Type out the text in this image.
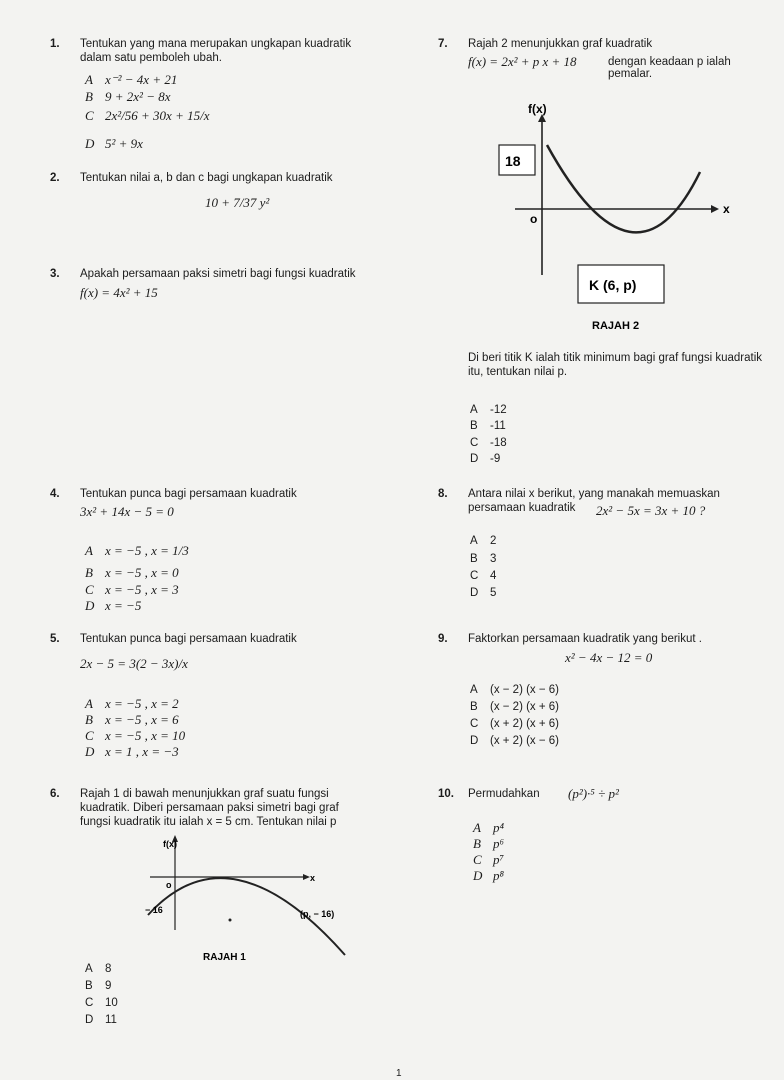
1. Tentukan yang mana merupakan ungkapan kuadratik dalam satu pemboleh ubah.
A x⁻² − 4x + 21
B 9 + 2x² − 8x
C 2x²/56 + 30x + 15/x
D 5² + 9x
2. Tentukan nilai a, b dan c bagi ungkapan kuadratik
10 + 7/37 y²
3. Apakah persamaan paksi simetri bagi fungsi kuadratik
f(x) = 4x² + 15
4. Tentukan punca bagi persamaan kuadratik
3x² + 14x − 5 = 0
A x = −5 , x = 1/3
B x = −5 , x = 0
C x = −5 , x = 3
D x = −5
5. Tentukan punca bagi persamaan kuadratik
2x − 5 = 3(2 − 3x)/x
A x = −5 , x = 2
B x = −5 , x = 6
C x = −5 , x = 10
D x = 1 , x = −3
6. Rajah 1 di bawah menunjukkan graf suatu fungsi kuadratik. Diberi persamaan paksi simetri bagi graf fungsi kuadratik itu ialah x = 5 cm. Tentukan nilai p
f(x)
o
x
− 16	(p, − 16)
RAJAH 1
A 8
B 9
C 10
D 11
7. Rajah 2 menunjukkan graf kuadratik
f(x) = 2x² + p x + 18	dengan keadaan p ialah pemalar.
f(x)
18
o
x
K (6, p)
RAJAH 2
Di beri titik K ialah titik minimum bagi graf fungsi kuadratik itu, tentukan nilai p.
A -12
B -11
C -18
D -9
8. Antara nilai x berikut, yang manakah memuaskan persamaan kuadratik	2x² − 5x = 3x + 10 ?
A 2
B 3
C 4
D 5
9. Faktorkan persamaan kuadratik yang berikut .
x² − 4x − 12 = 0
A (x − 2) (x − 6)
B (x − 2) (x + 6)
C (x + 2) (x + 6)
D (x + 2) (x − 6)
10. Permudahkan (p²)·⁵ ÷ p²
A p⁴
B p⁶
C p⁷
D p⁸
1
